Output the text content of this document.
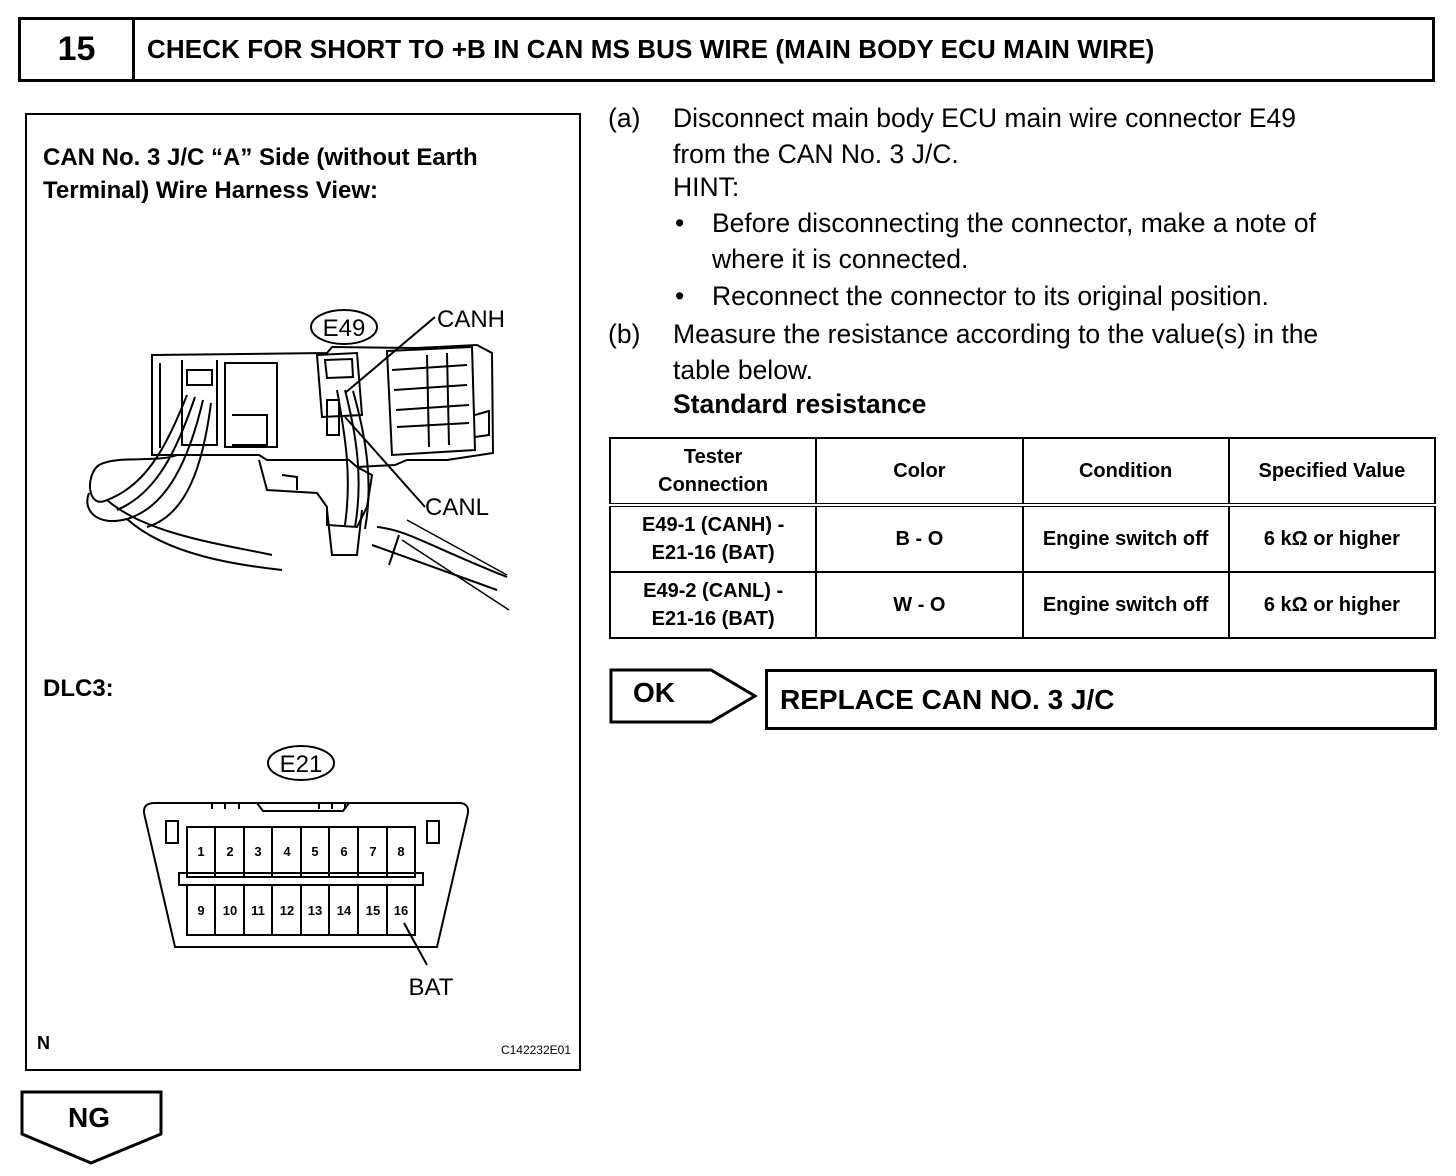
15	CHECK FOR SHORT TO +B IN CAN MS BUS WIRE (MAIN BODY ECU MAIN WIRE)
CAN No. 3 J/C “A” Side (without Earth
Terminal) Wire Harness View:
E49	CANH
CANL
E21
1 2 3 4 5 6 7 8
9 10 11 12 13 14 15 16
BAT
DLC3:
N	C142232E01
(a) Disconnect main body ECU main wire connector E49
from the CAN No. 3 J/C.
HINT:
• Before disconnecting the connector, make a note of
where it is connected.
• Reconnect the connector to its original position.
(b) Measure the resistance according to the value(s) in the
table below.
Standard resistance
Tester
Connection	Color	Condition	Specified Value

E49-1 (CANH) -
E21-16 (BAT)	B - O	Engine switch off	6 kΩ or higher

E49-2 (CANL) -
E21-16 (BAT)	W - O	Engine switch off	6 kΩ or higher
OK	REPLACE CAN NO. 3 J/C
NG
